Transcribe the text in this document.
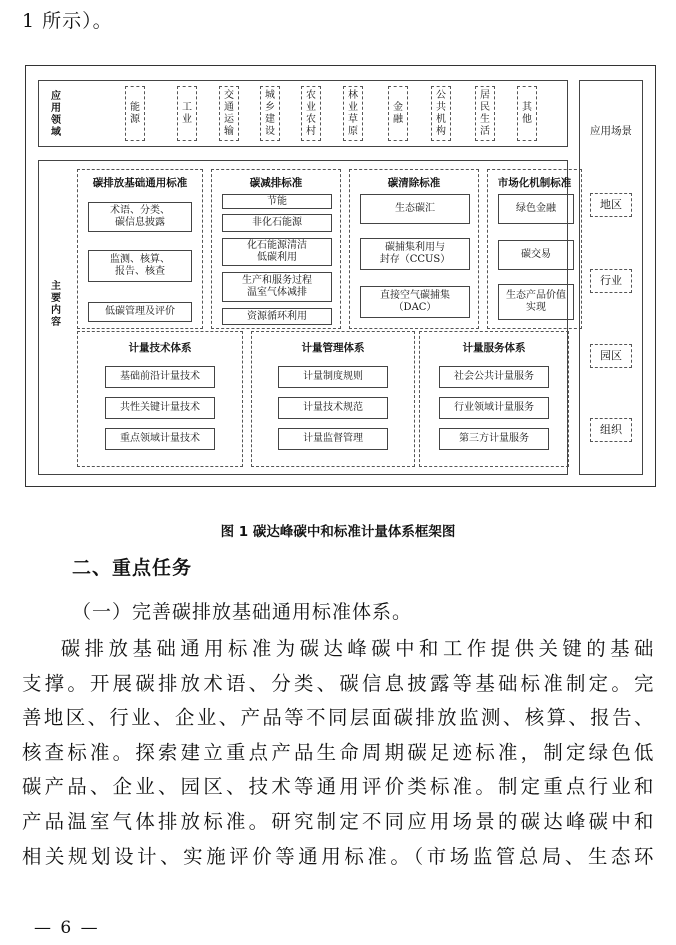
1 所示）。
应用领域
能源
工业
交通运输
城乡建设
农业农村
林业草原
金融
公共机构
居民生活
其他
主要内容
碳排放基础通用标准
术语、分类、
碳信息披露
监测、核算、
报告、核查
低碳管理及评价
碳减排标准
节能
非化石能源
化石能源清洁
低碳利用
生产和服务过程
温室气体减排
资源循环利用
碳清除标准
生态碳汇
碳捕集利用与
封存（CCUS）
直接空气碳捕集
（DAC）
市场化机制标准
绿色金融
碳交易
生态产品价值
实现
计量技术体系
基础前沿计量技术
共性关键计量技术
重点领域计量技术
计量管理体系
计量制度规则
计量技术规范
计量监督管理
计量服务体系
社会公共计量服务
行业领域计量服务
第三方计量服务
应用场景
地区
行业
园区
组织
图 1 碳达峰碳中和标准计量体系框架图
二、重点任务
（一）完善碳排放基础通用标准体系。

碳排放基础通用标准为碳达峰碳中和工作提供关键的基础

支撑。开展碳排放术语、分类、碳信息披露等基础标准制定。完

善地区、行业、企业、产品等不同层面碳排放监测、核算、报告、

核查标准。探索建立重点产品生命周期碳足迹标准，制定绿色低

碳产品、企业、园区、技术等通用评价类标准。制定重点行业和

产品温室气体排放标准。研究制定不同应用场景的碳达峰碳中和

相关规划设计、实施评价等通用标准。（市场监管总局、生态环

— 6 —
